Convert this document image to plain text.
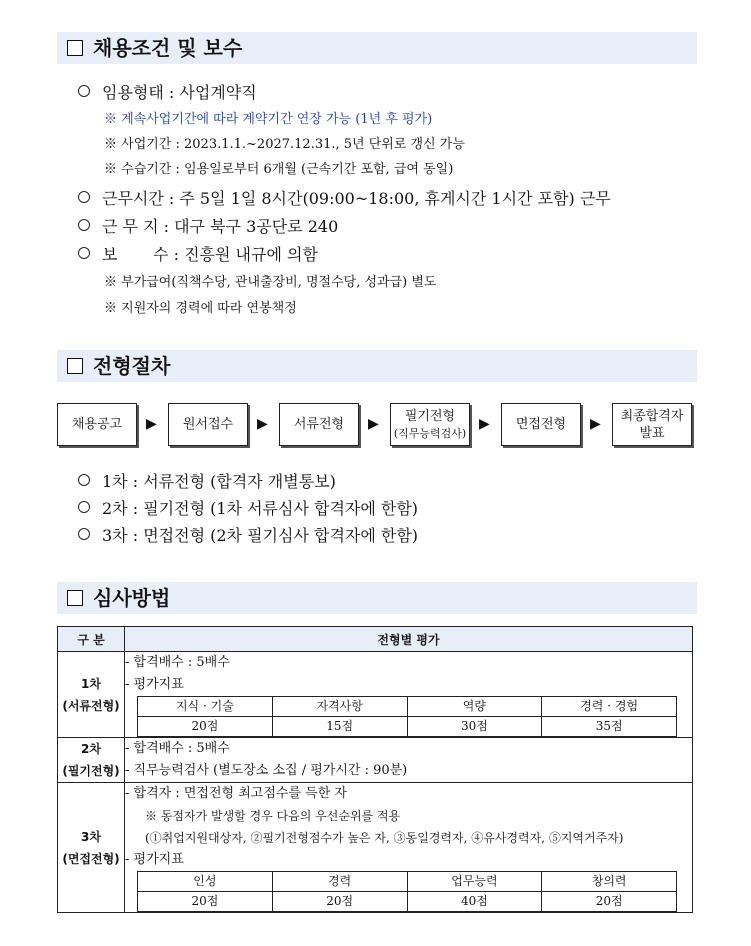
채용조건 및 보수
임용형태 : 사업계약직
※ 계속사업기간에 따라 계약기간 연장 가능 (1년 후 평가)
※ 사업기간 : 2023.1.1.~2027.12.31., 5년 단위로 갱신 가능
※ 수습기간 : 임용일로부터 6개월 (근속기간 포함, 급여 동일)
근무시간 : 주 5일 1일 8시간(09:00~18:00, 휴게시간 1시간 포함) 근무
근 무 지 : 대구 북구 3공단로 240
보       수 : 진흥원 내규에 의함
※ 부가급여(직책수당, 관내출장비, 명절수당, 성과급) 별도
※ 지원자의 경력에 따라 연봉책정
전형절차
채용공고	▶	원서접수	▶	서류전형	▶ 필기전형
(직무능력검사)
▶	면접전형	▶ 최종합격자
발표
1차 : 서류전형 (합격자 개별통보)
2차 : 필기전형 (1차 서류심사 합격자에 한함)
3차 : 면접전형 (2차 필기심사 합격자에 한함)
심사방법
구 분	전형별 평가

1차
(서류전형)

- 합격배수 : 5배수
- 평가지표
지식 · 기술	자격사항	역량	경력 · 경험
20점	15점	30점	35점

2차
(필기전형)

- 합격배수 : 5배수
- 직무능력검사 (별도장소 소집 / 평가시간 : 90분)

3차
(면접전형)

- 합격자 : 면접전형 최고점수를 득한 자
※ 동점자가 발생할 경우 다음의 우선순위를 적용
(①취업지원대상자, ②필기전형점수가 높은 자, ③동일경력자, ④유사경력자, ⑤지역거주자)
- 평가지표
인성	경력	업무능력	창의력
20점	20점	40점	20점
